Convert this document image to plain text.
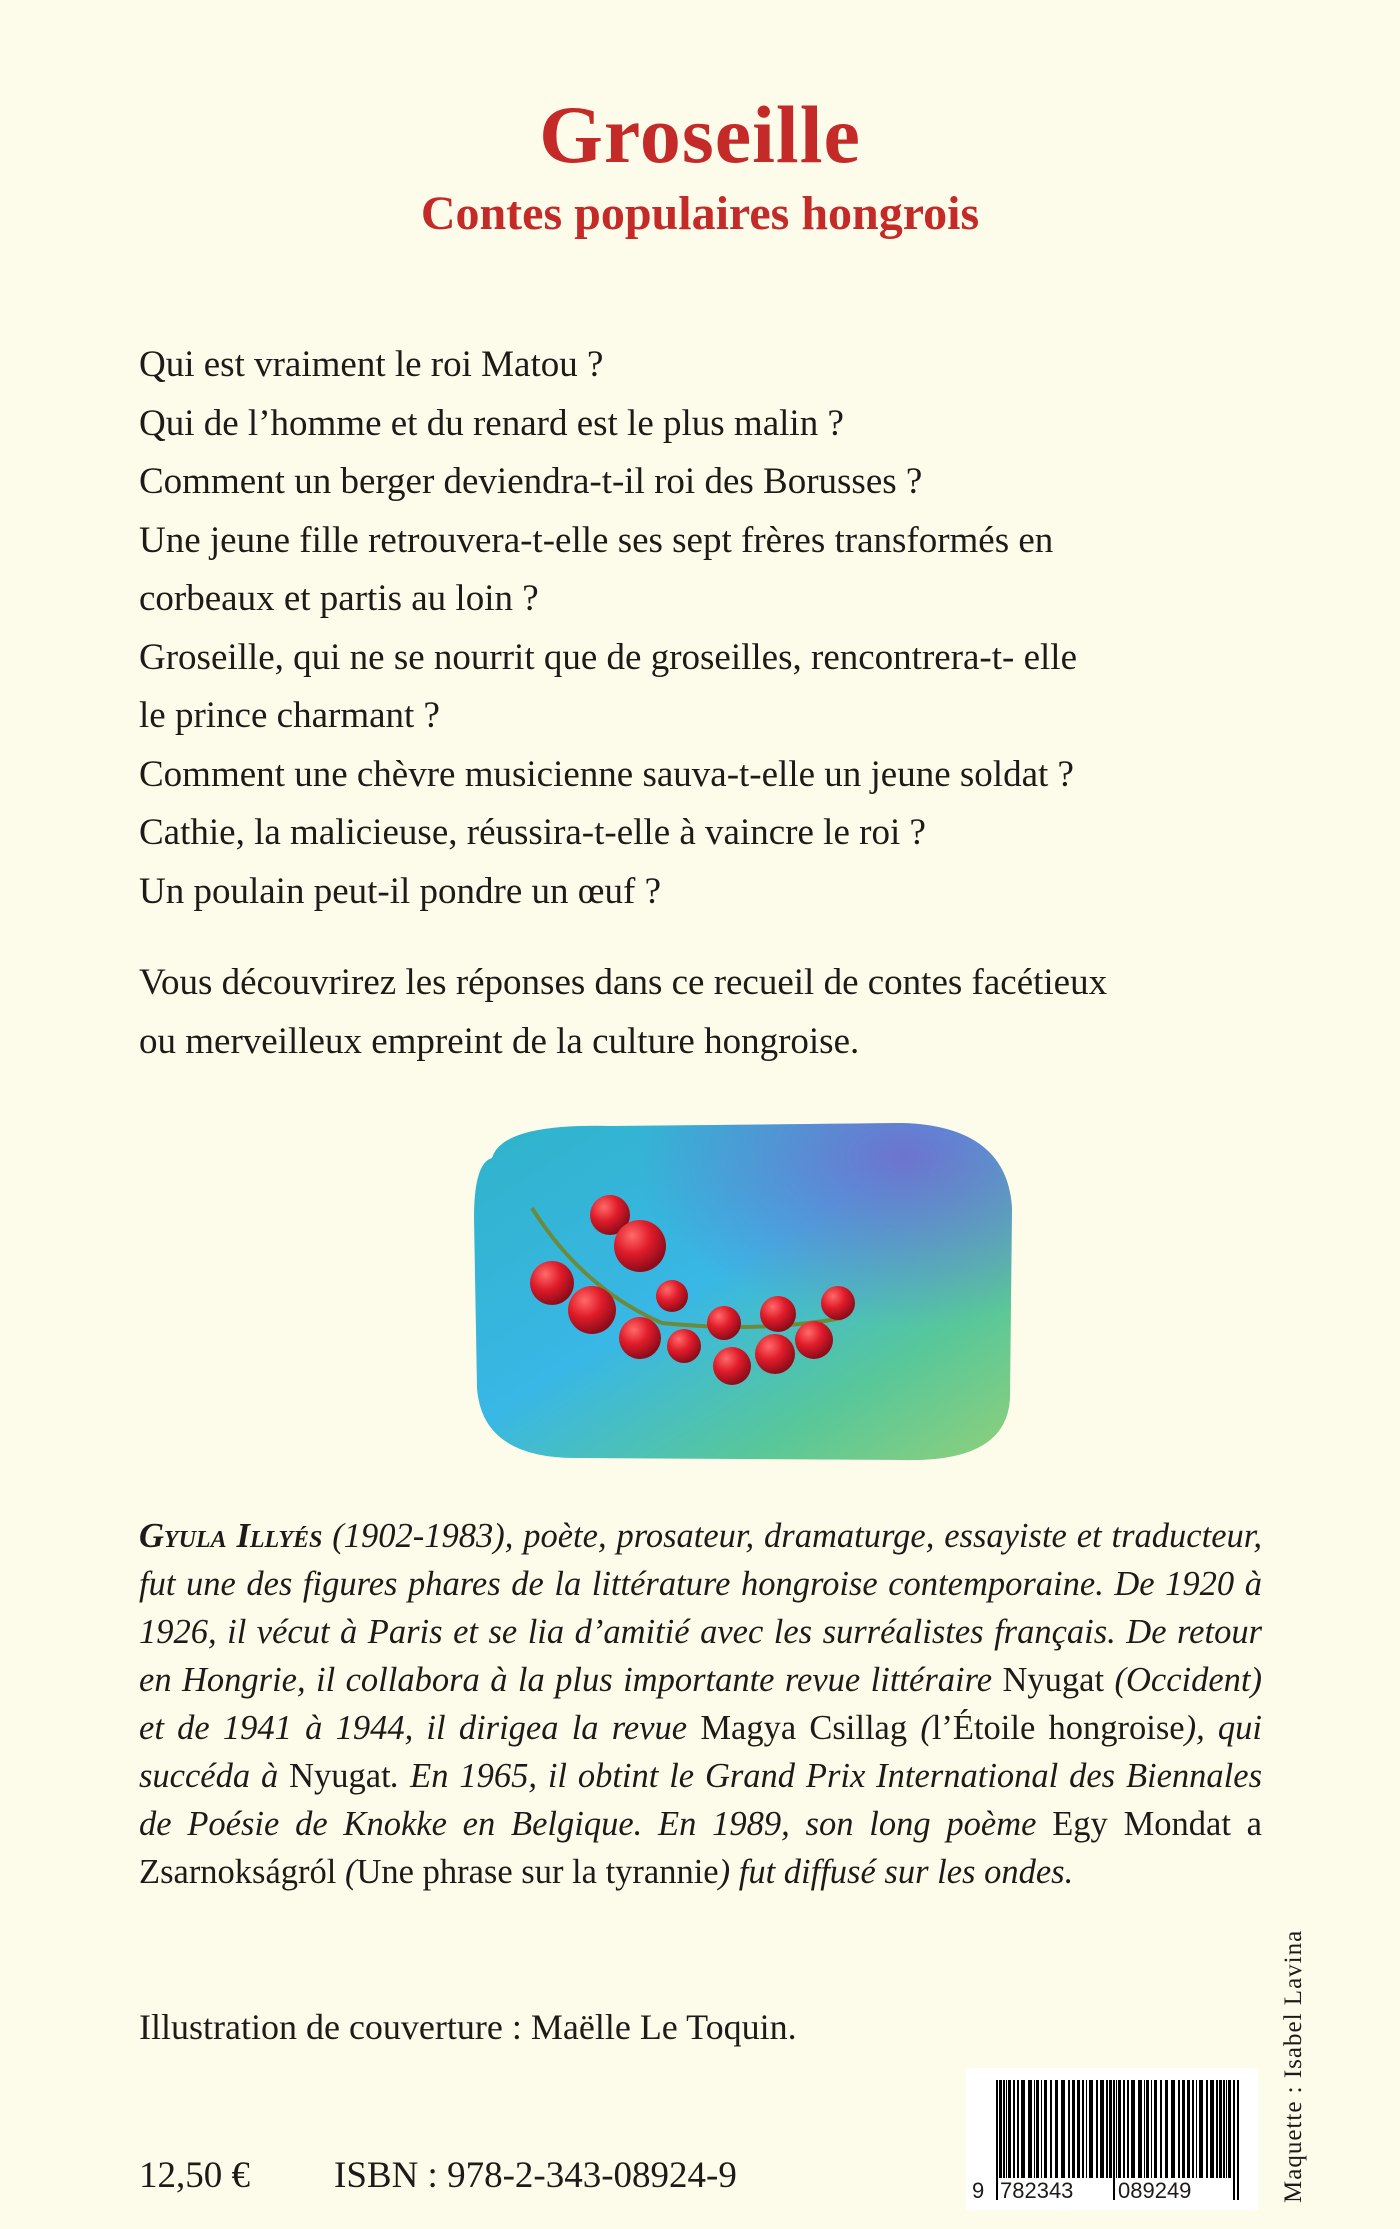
Groseille
Contes populaires hongrois
Qui est vraiment le roi Matou ?
Qui de l’homme et du renard est le plus malin ?
Comment un berger deviendra-t-il roi des Borusses ?
Une jeune fille retrouvera-t-elle ses sept frères transformés en
corbeaux et partis au loin ?
Groseille, qui ne se nourrit que de groseilles, rencontrera-t- elle
le prince charmant ?
Comment une chèvre musicienne sauva-t-elle un jeune soldat ?
Cathie, la malicieuse, réussira-t-elle à vaincre le roi ?
Un poulain peut-il pondre un œuf ?
Vous découvrirez les réponses dans ce recueil de contes facétieux
ou merveilleux empreint de la culture hongroise.
Gyula Illyés (1902-1983), poète, prosateur, dramaturge, essayiste et traducteur, fut une des figures phares de la littérature hongroise contemporaine. De 1920 à 1926, il vécut à Paris et se lia d’amitié avec les surréalistes français. De retour en Hongrie, il collabora à la plus importante revue littéraire Nyugat (Occident) et de 1941 à 1944, il dirigea la revue Magya Csillag (l’Étoile hongroise), qui succéda à Nyugat. En 1965, il obtint le Grand Prix International des Biennales de Poésie de Knokke en Belgique. En 1989, son long poème Egy Mondat a Zsarnokságról (Une phrase sur la tyrannie) fut diffusé sur les ondes.
Illustration de couverture : Maëlle Le Toquin.
12,50 € ISBN : 978-2-343-08924-9	9 782343 089249	Maquette : Isabel Lavina
